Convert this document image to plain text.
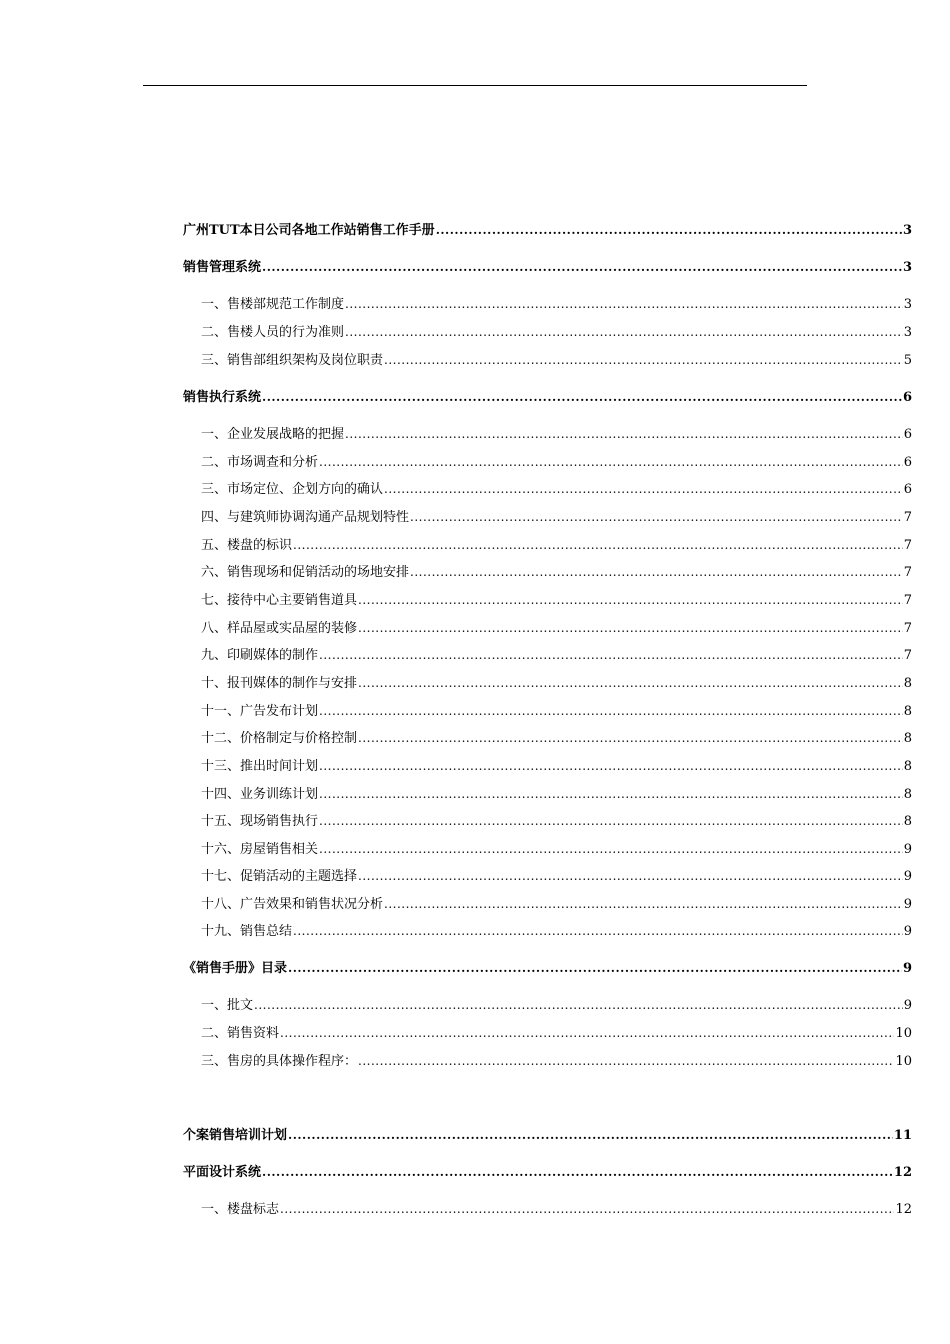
广州TUT本日公司各地工作站销售工作手册 .....	3
销售管理系统 .....	3
一、售楼部规范工作制度 .....	3
二、售楼人员的行为准则 .....	3
三、销售部组织架构及岗位职责 .....	5
销售执行系统 .....	6
一、企业发展战略的把握 .....	6
二、市场调查和分析 .....	6
三、市场定位、企划方向的确认 .....	6
四、与建筑师协调沟通产品规划特性 .....	7
五、楼盘的标识 .....	7
六、销售现场和促销活动的场地安排 .....	7
七、接待中心主要销售道具 .....	7
八、样品屋或实品屋的装修 .....	7
九、印刷媒体的制作 .....	7
十、报刊媒体的制作与安排 .....	8
十一、广告发布计划 .....	8
十二、价格制定与价格控制 .....	8
十三、推出时间计划 .....	8
十四、业务训练计划 .....	8
十五、现场销售执行 .....	8
十六、房屋销售相关 .....	9
十七、促销活动的主题选择 .....	9
十八、广告效果和销售状况分析 .....	9
十九、销售总结 .....	9
《销售手册》目录 .....	9
一、批文 .....	9
二、销售资料 .....	10
三、售房的具体操作程序： .....	10
个案销售培训计划 .....	11
平面设计系统 .....	12
一、楼盘标志 .....	12
